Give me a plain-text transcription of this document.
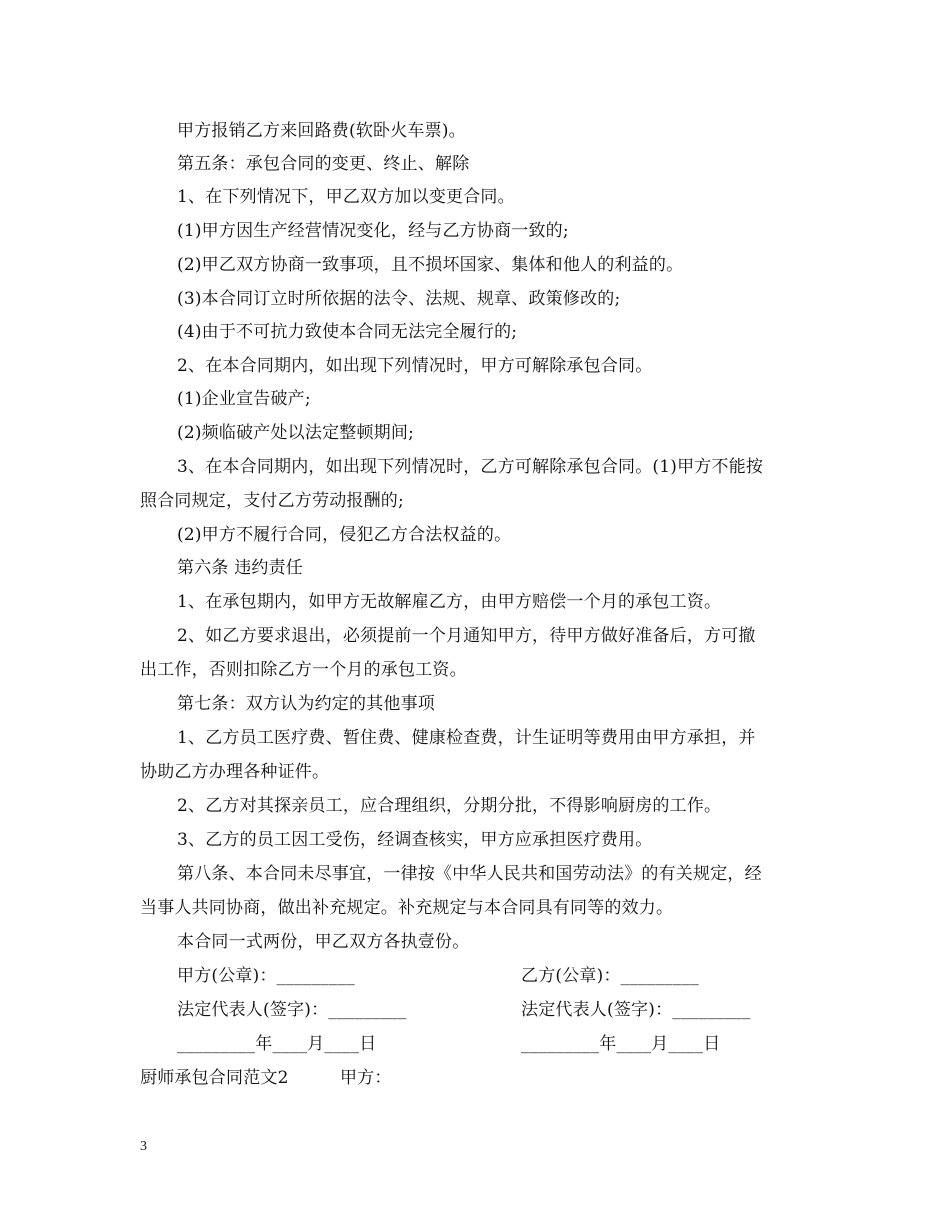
甲方报销乙方来回路费(软卧火车票)。
第五条：承包合同的变更、终止、解除
1、在下列情况下，甲乙双方加以变更合同。
(1)甲方因生产经营情况变化，经与乙方协商一致的;
(2)甲乙双方协商一致事项，且不损坏国家、集体和他人的利益的。
(3)本合同订立时所依据的法令、法规、规章、政策修改的;
(4)由于不可抗力致使本合同无法完全履行的;
2、在本合同期内，如出现下列情况时，甲方可解除承包合同。
(1)企业宣告破产;
(2)频临破产处以法定整顿期间;
3、在本合同期内，如出现下列情况时，乙方可解除承包合同。(1)甲方不能按
照合同规定，支付乙方劳动报酬的;
(2)甲方不履行合同，侵犯乙方合法权益的。
第六条 违约责任
1、在承包期内，如甲方无故解雇乙方，由甲方赔偿一个月的承包工资。
2、如乙方要求退出，必须提前一个月通知甲方，待甲方做好准备后，方可撤
出工作，否则扣除乙方一个月的承包工资。
第七条：双方认为约定的其他事项
1、乙方员工医疗费、暂住费、健康检查费，计生证明等费用由甲方承担，并
协助乙方办理各种证件。
2、乙方对其探亲员工，应合理组织，分期分批，不得影响厨房的工作。
3、乙方的员工因工受伤，经调查核实，甲方应承担医疗费用。
第八条、本合同未尽事宜，一律按《中华人民共和国劳动法》的有关规定，经
当事人共同协商，做出补充规定。补充规定与本合同具有同等的效力。
本合同一式两份，甲乙双方各执壹份。
甲方(公章)：_________	乙方(公章)：_________
法定代表人(签字)：_________	法定代表人(签字)：_________
_________年____月____日	_________年____月____日
厨师承包合同范文2	甲方：
3
